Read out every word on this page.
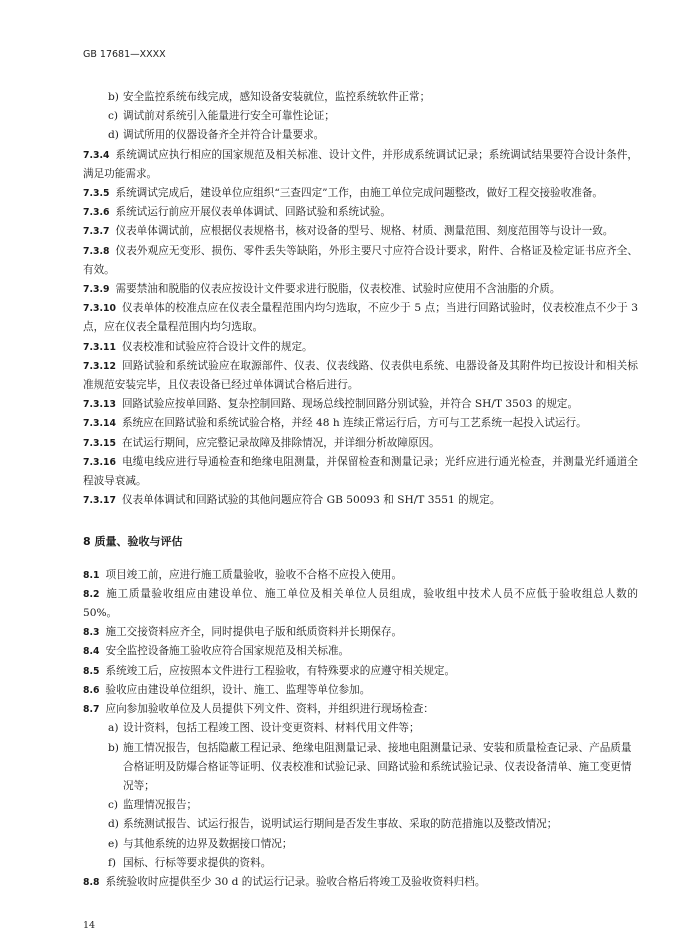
GB 17681—XXXX

b) 安全监控系统布线完成，感知设备安装就位，监控系统软件正常；

c) 调试前对系统引入能量进行安全可靠性论证；

d) 调试所用的仪器设备齐全并符合计量要求。

7.3.4 系统调试应执行相应的国家规范及相关标准、设计文件，并形成系统调试记录；系统调试结果要符合设计条件，满足功能需求。

7.3.5 系统调试完成后，建设单位应组织“三查四定”工作，由施工单位完成问题整改，做好工程交接验收准备。

7.3.6 系统试运行前应开展仪表单体调试、回路试验和系统试验。

7.3.7 仪表单体调试前，应根据仪表规格书，核对设备的型号、规格、材质、测量范围、刻度范围等与设计一致。

7.3.8 仪表外观应无变形、损伤、零件丢失等缺陷，外形主要尺寸应符合设计要求，附件、合格证及检定证书应齐全、有效。

7.3.9 需要禁油和脱脂的仪表应按设计文件要求进行脱脂，仪表校准、试验时应使用不含油脂的介质。

7.3.10 仪表单体的校准点应在仪表全量程范围内均匀选取，不应少于 5 点；当进行回路试验时，仪表校准点不少于 3 点，应在仪表全量程范围内均匀选取。

7.3.11 仪表校准和试验应符合设计文件的规定。

7.3.12 回路试验和系统试验应在取源部件、仪表、仪表线路、仪表供电系统、电器设备及其附件均已按设计和相关标准规范安装完毕，且仪表设备已经过单体调试合格后进行。

7.3.13 回路试验应按单回路、复杂控制回路、现场总线控制回路分别试验，并符合 SH/T 3503 的规定。

7.3.14 系统应在回路试验和系统试验合格，并经 48 h 连续正常运行后，方可与工艺系统一起投入试运行。

7.3.15 在试运行期间，应完整记录故障及排除情况，并详细分析故障原因。

7.3.16 电缆电线应进行导通检查和绝缘电阻测量，并保留检查和测量记录；光纤应进行通光检查，并测量光纤通道全程波导衰减。

7.3.17 仪表单体调试和回路试验的其他问题应符合 GB 50093 和 SH/T 3551 的规定。

8 质量、验收与评估

8.1 项目竣工前，应进行施工质量验收，验收不合格不应投入使用。

8.2 施工质量验收组应由建设单位、施工单位及相关单位人员组成，验收组中技术人员不应低于验收组总人数的 50%。

8.3 施工交接资料应齐全，同时提供电子版和纸质资料并长期保存。

8.4 安全监控设备施工验收应符合国家规范及相关标准。

8.5 系统竣工后，应按照本文件进行工程验收，有特殊要求的应遵守相关规定。

8.6 验收应由建设单位组织，设计、施工、监理等单位参加。

8.7 应向参加验收单位及人员提供下列文件、资料，并组织进行现场检查：

a) 设计资料，包括工程竣工图、设计变更资料、材料代用文件等；

b) 施工情况报告，包括隐蔽工程记录、绝缘电阻测量记录、接地电阻测量记录、安装和质量检查记录、产品质量合格证明及防爆合格证等证明、仪表校准和试验记录、回路试验和系统试验记录、仪表设备清单、施工变更情况等；

c) 监理情况报告；

d) 系统测试报告、试运行报告，说明试运行期间是否发生事故、采取的防范措施以及整改情况；

e) 与其他系统的边界及数据接口情况；

f) 国标、行标等要求提供的资料。

8.8 系统验收时应提供至少 30 d 的试运行记录。验收合格后将竣工及验收资料归档。

14
